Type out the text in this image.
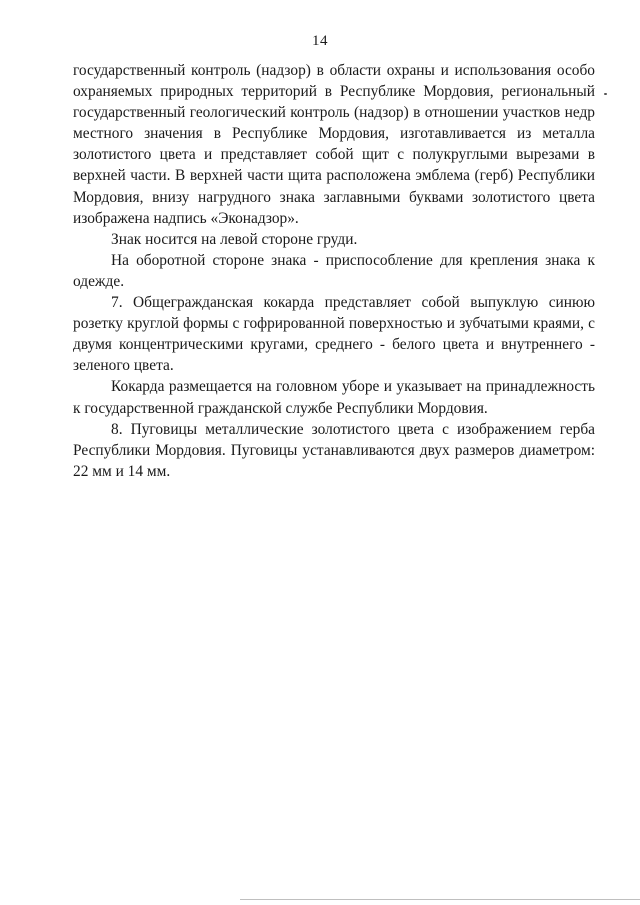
14

государственный контроль (надзор) в области охраны и использования особо охраняемых природных территорий в Республике Мордовия, региональный государственный геологический контроль (надзор) в отношении участков недр местного значения в Республике Мордовия, изготавливается из металла золотистого цвета и представляет собой щит с полукруглыми вырезами в верхней части. В верхней части щита расположена эмблема (герб) Республики Мордовия, внизу нагрудного знака заглавными буквами золотистого цвета изображена надпись «Эконадзор».

Знак носится на левой стороне груди.

На оборотной стороне знака - приспособление для крепления знака к одежде.

7. Общегражданская кокарда представляет собой выпуклую синюю розетку круглой формы с гофрированной поверхностью и зубчатыми краями, с двумя концентрическими кругами, среднего - белого цвета и внутреннего - зеленого цвета.

Кокарда размещается на головном уборе и указывает на принадлежность к государственной гражданской службе Республики Мордовия.

8. Пуговицы металлические золотистого цвета с изображением герба Республики Мордовия. Пуговицы устанавливаются двух размеров диаметром: 22 мм и 14 мм.
